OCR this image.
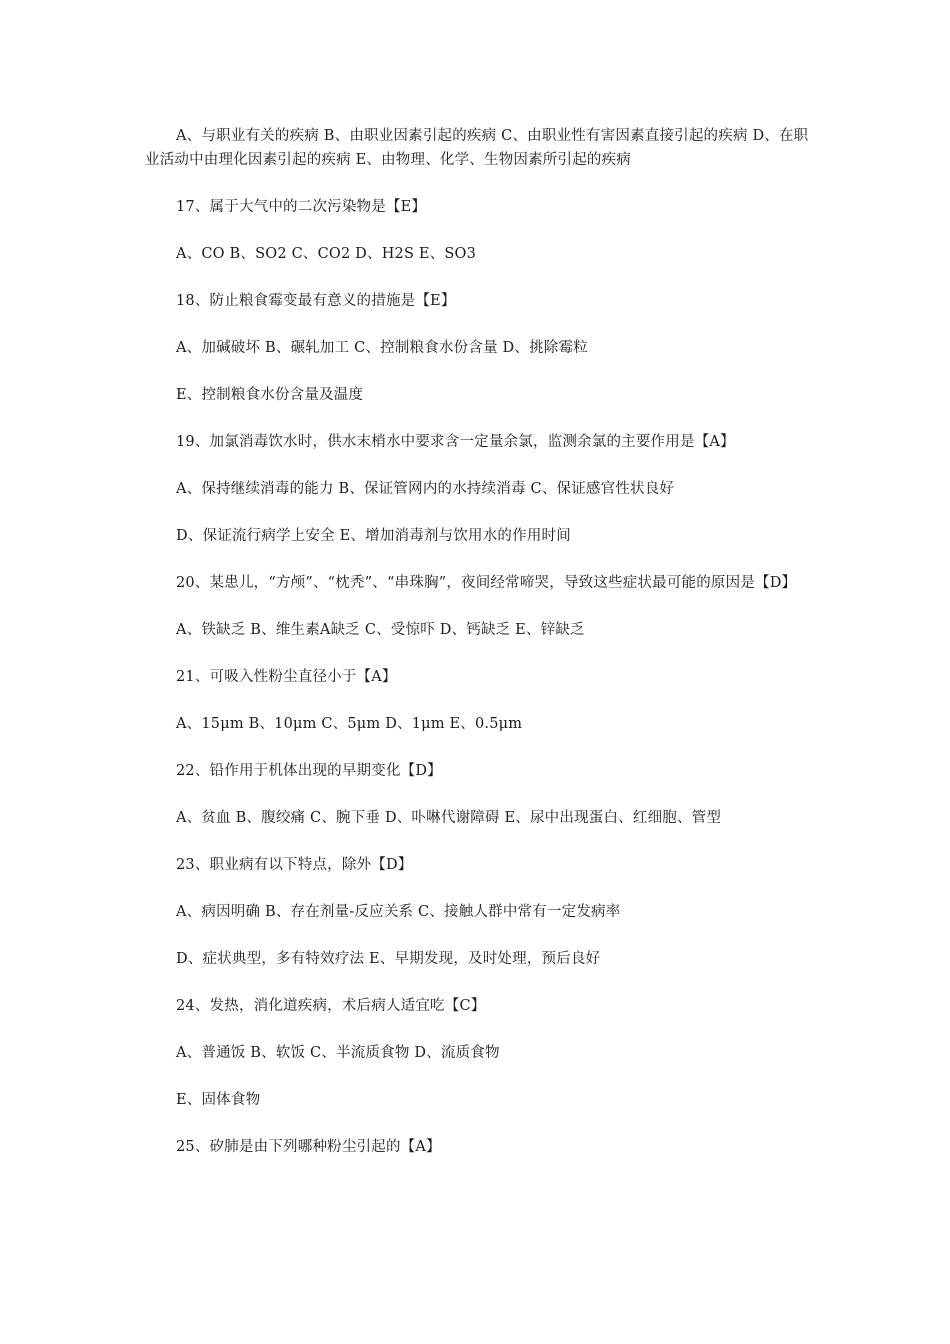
A、与职业有关的疾病 B、由职业因素引起的疾病 C、由职业性有害因素直接引起的疾病 D、在职业活动中由理化因素引起的疾病 E、由物理、化学、生物因素所引起的疾病

17、属于大气中的二次污染物是【E】

A、CO B、SO2 C、CO2 D、H2S E、SO3

18、防止粮食霉变最有意义的措施是【E】

A、加碱破坏 B、碾轧加工 C、控制粮食水份含量 D、挑除霉粒

E、控制粮食水份含量及温度

19、加氯消毒饮水时，供水末梢水中要求含一定量余氯，监测余氯的主要作用是【A】

A、保持继续消毒的能力 B、保证管网内的水持续消毒 C、保证感官性状良好

D、保证流行病学上安全 E、增加消毒剂与饮用水的作用时间

20、某患儿，“方颅”、“枕秃”、“串珠胸”，夜间经常啼哭，导致这些症状最可能的原因是【D】

A、铁缺乏 B、维生素A缺乏 C、受惊吓 D、钙缺乏 E、锌缺乏

21、可吸入性粉尘直径小于【A】

A、15μm B、10μm C、5μm D、1μm E、0.5μm

22、铅作用于机体出现的早期变化【D】

A、贫血 B、腹绞痛 C、腕下垂 D、卟啉代谢障碍 E、尿中出现蛋白、红细胞、管型

23、职业病有以下特点，除外【D】

A、病因明确 B、存在剂量-反应关系 C、接触人群中常有一定发病率

D、症状典型，多有特效疗法 E、早期发现，及时处理，预后良好

24、发热，消化道疾病，术后病人适宜吃【C】

A、普通饭 B、软饭 C、半流质食物 D、流质食物

E、固体食物

25、矽肺是由下列哪种粉尘引起的【A】
